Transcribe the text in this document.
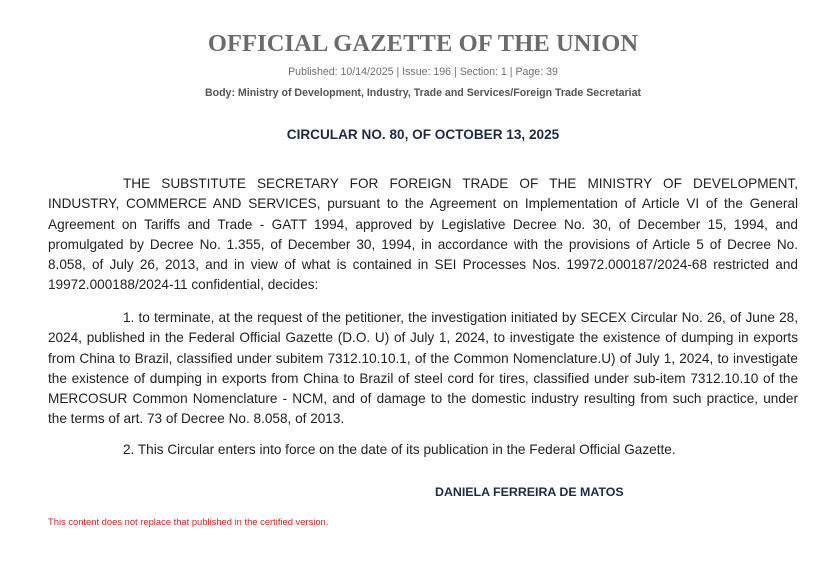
OFFICIAL GAZETTE OF THE UNION
Published: 10/14/2025 | Issue: 196 | Section: 1 | Page: 39
Body: Ministry of Development, Industry, Trade and Services/Foreign Trade Secretariat
CIRCULAR NO. 80, OF OCTOBER 13, 2025

THE SUBSTITUTE SECRETARY FOR FOREIGN TRADE OF THE MINISTRY OF DEVELOPMENT, INDUSTRY, COMMERCE AND SERVICES, pursuant to the Agreement on Implementation of Article VI of the General Agreement on Tariffs and Trade - GATT 1994, approved by Legislative Decree No. 30, of December 15, 1994, and promulgated by Decree No. 1.355, of December 30, 1994, in accordance with the provisions of Article 5 of Decree No. 8.058, of July 26, 2013, and in view of what is contained in SEI Processes Nos. 19972.000187/2024-68 restricted and 19972.000188/2024-11 confidential, decides:

1. to terminate, at the request of the petitioner, the investigation initiated by SECEX Circular No. 26, of June 28, 2024, published in the Federal Official Gazette (D.O. U) of July 1, 2024, to investigate the existence of dumping in exports from China to Brazil, classified under subitem 7312.10.10.1, of the Common Nomenclature.U) of July 1, 2024, to investigate the existence of dumping in exports from China to Brazil of steel cord for tires, classified under sub-item 7312.10.10 of the MERCOSUR Common Nomenclature - NCM, and of damage to the domestic industry resulting from such practice, under the terms of art. 73 of Decree No. 8.058, of 2013.

2. This Circular enters into force on the date of its publication in the Federal Official Gazette.

DANIELA FERREIRA DE MATOS
This content does not replace that published in the certified version.
